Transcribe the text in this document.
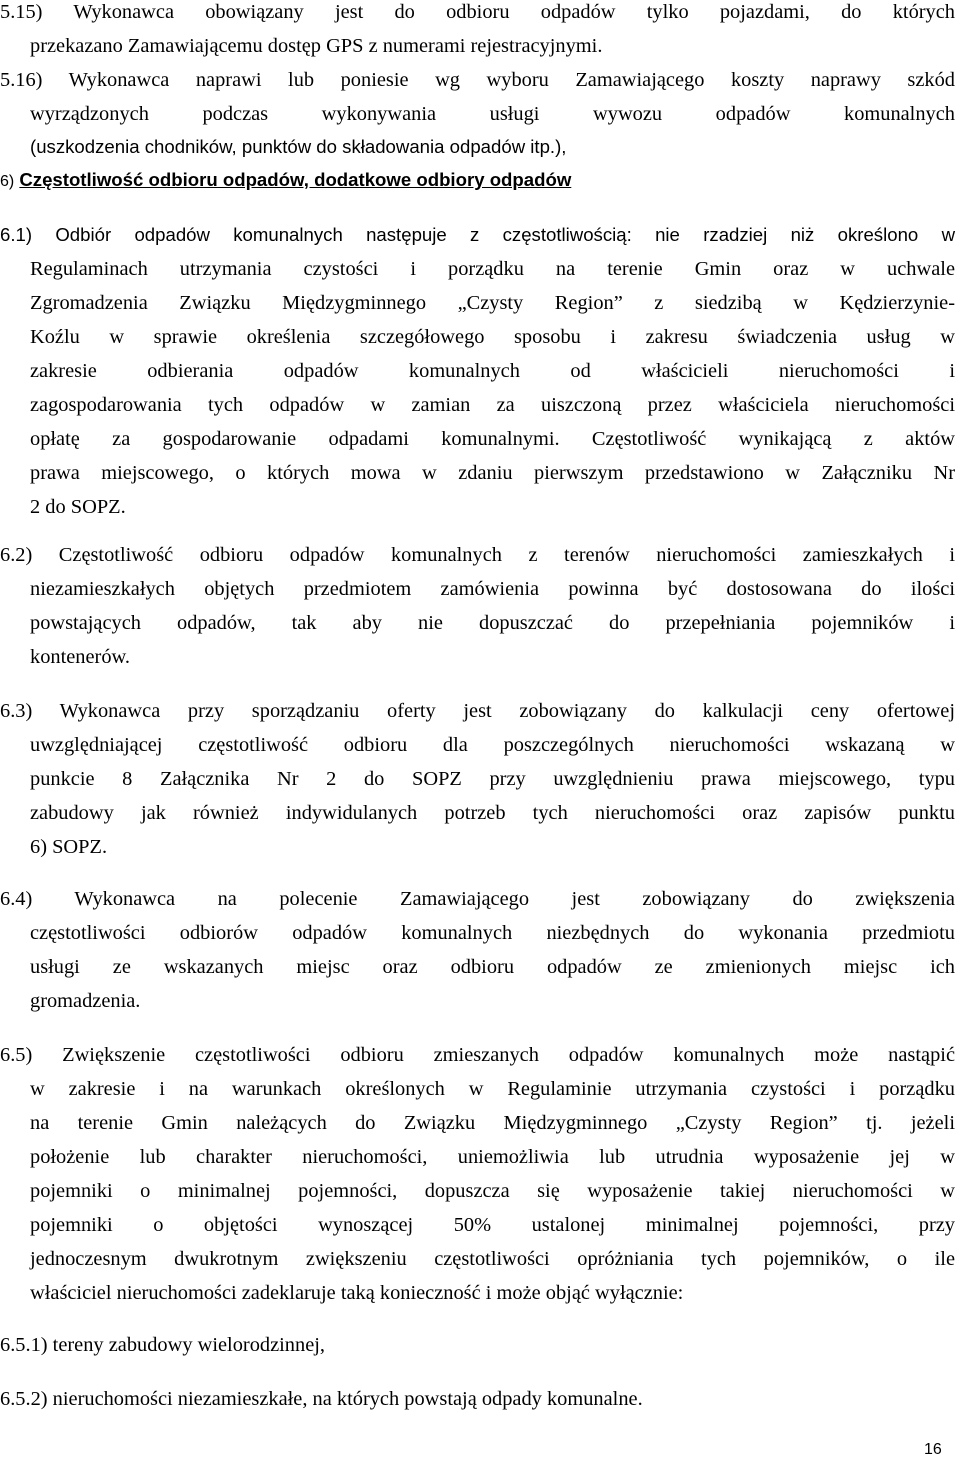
5.15) Wykonawca obowiązany jest do odbioru odpadów tylko pojazdami, do których
przekazano Zamawiającemu dostęp GPS z numerami rejestracyjnymi.
5.16) Wykonawca naprawi lub poniesie wg wyboru Zamawiającego koszty naprawy szkód
wyrządzonych podczas wykonywania usługi wywozu odpadów komunalnych
(uszkodzenia chodników, punktów do składowania odpadów itp.),
6) Częstotliwość odbioru odpadów, dodatkowe odbiory odpadów
6.1) Odbiór odpadów komunalnych następuje z częstotliwością: nie rzadziej niż określono w
Regulaminach utrzymania czystości i porządku na terenie Gmin oraz w uchwale
Zgromadzenia Związku Międzygminnego „Czysty Region” z siedzibą w Kędzierzynie-
Koźlu w sprawie określenia szczegółowego sposobu i zakresu świadczenia usług w
zakresie odbierania odpadów komunalnych od właścicieli nieruchomości i
zagospodarowania tych odpadów w zamian za uiszczoną przez właściciela nieruchomości
opłatę za gospodarowanie odpadami komunalnymi. Częstotliwość wynikającą z aktów
prawa miejscowego, o których mowa w zdaniu pierwszym przedstawiono w Załączniku Nr
2 do SOPZ.
6.2) Częstotliwość odbioru odpadów komunalnych z terenów nieruchomości zamieszkałych i
niezamieszkałych objętych przedmiotem zamówienia powinna być dostosowana do ilości
powstających odpadów, tak aby nie dopuszczać do przepełniania pojemników i
kontenerów.
6.3) Wykonawca przy sporządzaniu oferty jest zobowiązany do kalkulacji ceny ofertowej
uwzględniającej częstotliwość odbioru dla poszczególnych nieruchomości wskazaną w
punkcie 8 Załącznika Nr 2 do SOPZ przy uwzględnieniu prawa miejscowego, typu
zabudowy jak również indywidulanych potrzeb tych nieruchomości oraz zapisów punktu
6) SOPZ.
6.4) Wykonawca na polecenie Zamawiającego jest zobowiązany do zwiększenia
częstotliwości odbiorów odpadów komunalnych niezbędnych do wykonania przedmiotu
usługi ze wskazanych miejsc oraz odbioru odpadów ze zmienionych miejsc ich
gromadzenia.
6.5) Zwiększenie częstotliwości odbioru zmieszanych odpadów komunalnych może nastąpić
w zakresie i na warunkach określonych w Regulaminie utrzymania czystości i porządku
na terenie Gmin należących do Związku Międzygminnego „Czysty Region” tj. jeżeli
położenie lub charakter nieruchomości, uniemożliwia lub utrudnia wyposażenie jej w
pojemniki o minimalnej pojemności, dopuszcza się wyposażenie takiej nieruchomości w
pojemniki o objętości wynoszącej 50% ustalonej minimalnej pojemności, przy
jednoczesnym dwukrotnym zwiększeniu częstotliwości opróżniania tych pojemników, o ile
właściciel nieruchomości zadeklaruje taką konieczność i może objąć wyłącznie:
6.5.1) tereny zabudowy wielorodzinnej,
6.5.2) nieruchomości niezamieszkałe, na których powstają odpady komunalne.
16
